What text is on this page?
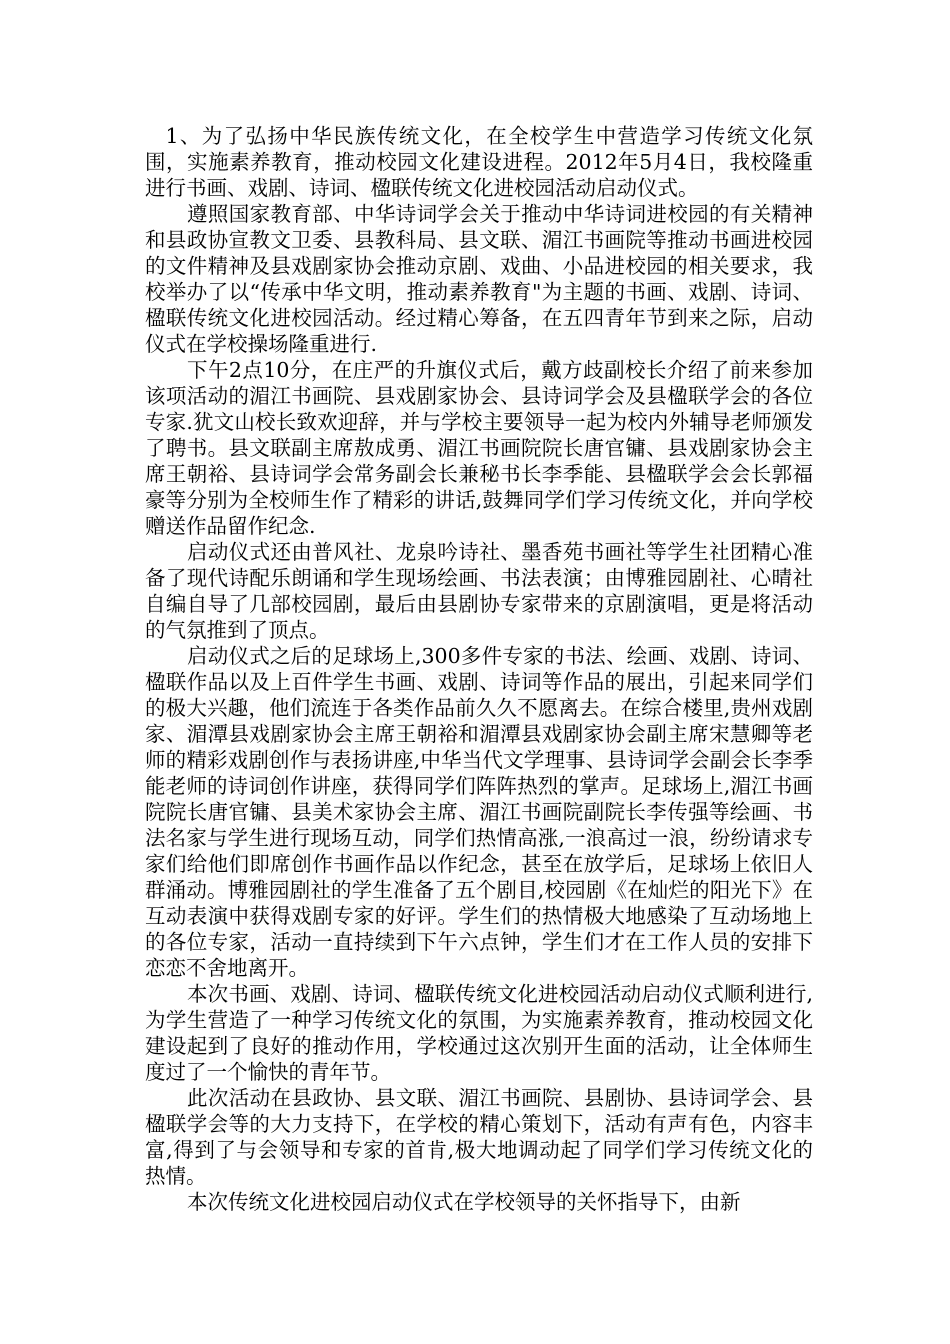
1、为了弘扬中华民族传统文化，在全校学生中营造学习传统文化氛围，实施素养教育，推动校园文化建设进程。2012年5月4日，我校隆重进行书画、戏剧、诗词、楹联传统文化进校园活动启动仪式。

遵照国家教育部、中华诗词学会关于推动中华诗词进校园的有关精神和县政协宣教文卫委、县教科局、县文联、湄江书画院等推动书画进校园的文件精神及县戏剧家协会推动京剧、戏曲、小品进校园的相关要求，我校举办了以“传承中华文明，推动素养教育"为主题的书画、戏剧、诗词、楹联传统文化进校园活动。经过精心筹备，在五四青年节到来之际，启动仪式在学校操场隆重进行.

下午2点10分，在庄严的升旗仪式后，戴方歧副校长介绍了前来参加该项活动的湄江书画院、县戏剧家协会、县诗词学会及县楹联学会的各位专家.犹文山校长致欢迎辞，并与学校主要领导一起为校内外辅导老师颁发了聘书。县文联副主席敖成勇、湄江书画院院长唐官镛、县戏剧家协会主席王朝裕、县诗词学会常务副会长兼秘书长李季能、县楹联学会会长郭福豪等分别为全校师生作了精彩的讲话,鼓舞同学们学习传统文化，并向学校赠送作品留作纪念.

启动仪式还由普风社、龙泉吟诗社、墨香苑书画社等学生社团精心准备了现代诗配乐朗诵和学生现场绘画、书法表演；由博雅园剧社、心晴社自编自导了几部校园剧，最后由县剧协专家带来的京剧演唱，更是将活动的气氛推到了顶点。

启动仪式之后的足球场上,300多件专家的书法、绘画、戏剧、诗词、楹联作品以及上百件学生书画、戏剧、诗词等作品的展出，引起来同学们的极大兴趣，他们流连于各类作品前久久不愿离去。在综合楼里,贵州戏剧家、湄潭县戏剧家协会主席王朝裕和湄潭县戏剧家协会副主席宋慧卿等老师的精彩戏剧创作与表扬讲座,中华当代文学理事、县诗词学会副会长李季能老师的诗词创作讲座，获得同学们阵阵热烈的掌声。足球场上,湄江书画院院长唐官镛、县美术家协会主席、湄江书画院副院长李传强等绘画、书法名家与学生进行现场互动，同学们热情高涨,一浪高过一浪，纷纷请求专家们给他们即席创作书画作品以作纪念，甚至在放学后，足球场上依旧人群涌动。博雅园剧社的学生准备了五个剧目,校园剧《在灿烂的阳光下》在互动表演中获得戏剧专家的好评。学生们的热情极大地感染了互动场地上的各位专家，活动一直持续到下午六点钟，学生们才在工作人员的安排下恋恋不舍地离开。

本次书画、戏剧、诗词、楹联传统文化进校园活动启动仪式顺利进行,为学生营造了一种学习传统文化的氛围，为实施素养教育，推动校园文化建设起到了良好的推动作用，学校通过这次别开生面的活动，让全体师生度过了一个愉快的青年节。

此次活动在县政协、县文联、湄江书画院、县剧协、县诗词学会、县楹联学会等的大力支持下，在学校的精心策划下，活动有声有色，内容丰富,得到了与会领导和专家的首肯,极大地调动起了同学们学习传统文化的热情。

本次传统文化进校园启动仪式在学校领导的关怀指导下，由新
